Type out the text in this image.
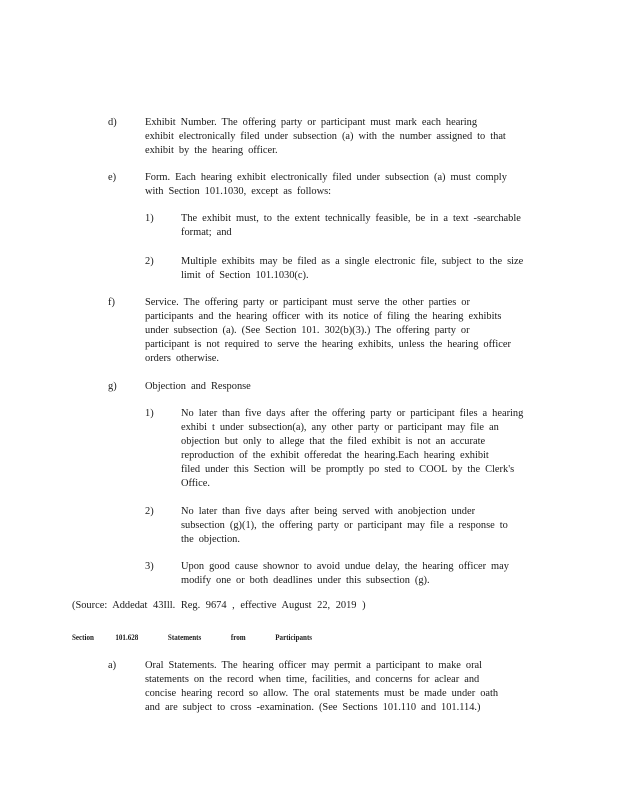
d)	Exhibit Number. The offering party or participant must mark each hearing
exhibit electronically filed under subsection (a) with the number assigned to that
exhibit by the hearing officer.
e)	Form. Each hearing exhibit electronically filed under subsection (a) must comply
with Section 101.1030, except as follows:
1)	The exhibit must, to the extent technically feasible, be in a text -searchable
format; and
2)	Multiple exhibits may be filed as a single electronic file, subject to the size
limit of Section 101.1030(c).
f)	Service. The offering party or participant must serve the other parties or
participants and the hearing officer with its notice of filing the hearing exhibits
under subsection (a). (See Section 101. 302(b)(3).) The offering party or
participant is not required to serve the hearing exhibits, unless the hearing officer
orders otherwise.
g)	Objection and Response
1)	No later than five days after the offering party or participant files a hearing
exhibi t under subsection(a), any other party or participant may file an
objection but only to allege that the filed exhibit is not an accurate
reproduction of the exhibit offeredat the hearing.Each hearing exhibit
filed under this Section will be promptly po sted to COOL by the Clerk's
Office.
2)	No later than five days after being served with anobjection under
subsection (g)(1), the offering party or participant may file a response to
the objection.
3)	Upon good cause shownor to avoid undue delay, the hearing officer may
modify one or both deadlines under this subsection (g).
(Source: Addedat 43Ill. Reg. 9674 , effective August 22, 2019 )
Section 101.628	Statements	from	Participants
a)	Oral Statements. The hearing officer may permit a participant to make oral
statements on the record when time, facilities, and concerns for aclear and
concise hearing record so allow. The oral statements must be made under oath
and are subject to cross -examination. (See Sections 101.110 and 101.114.)
